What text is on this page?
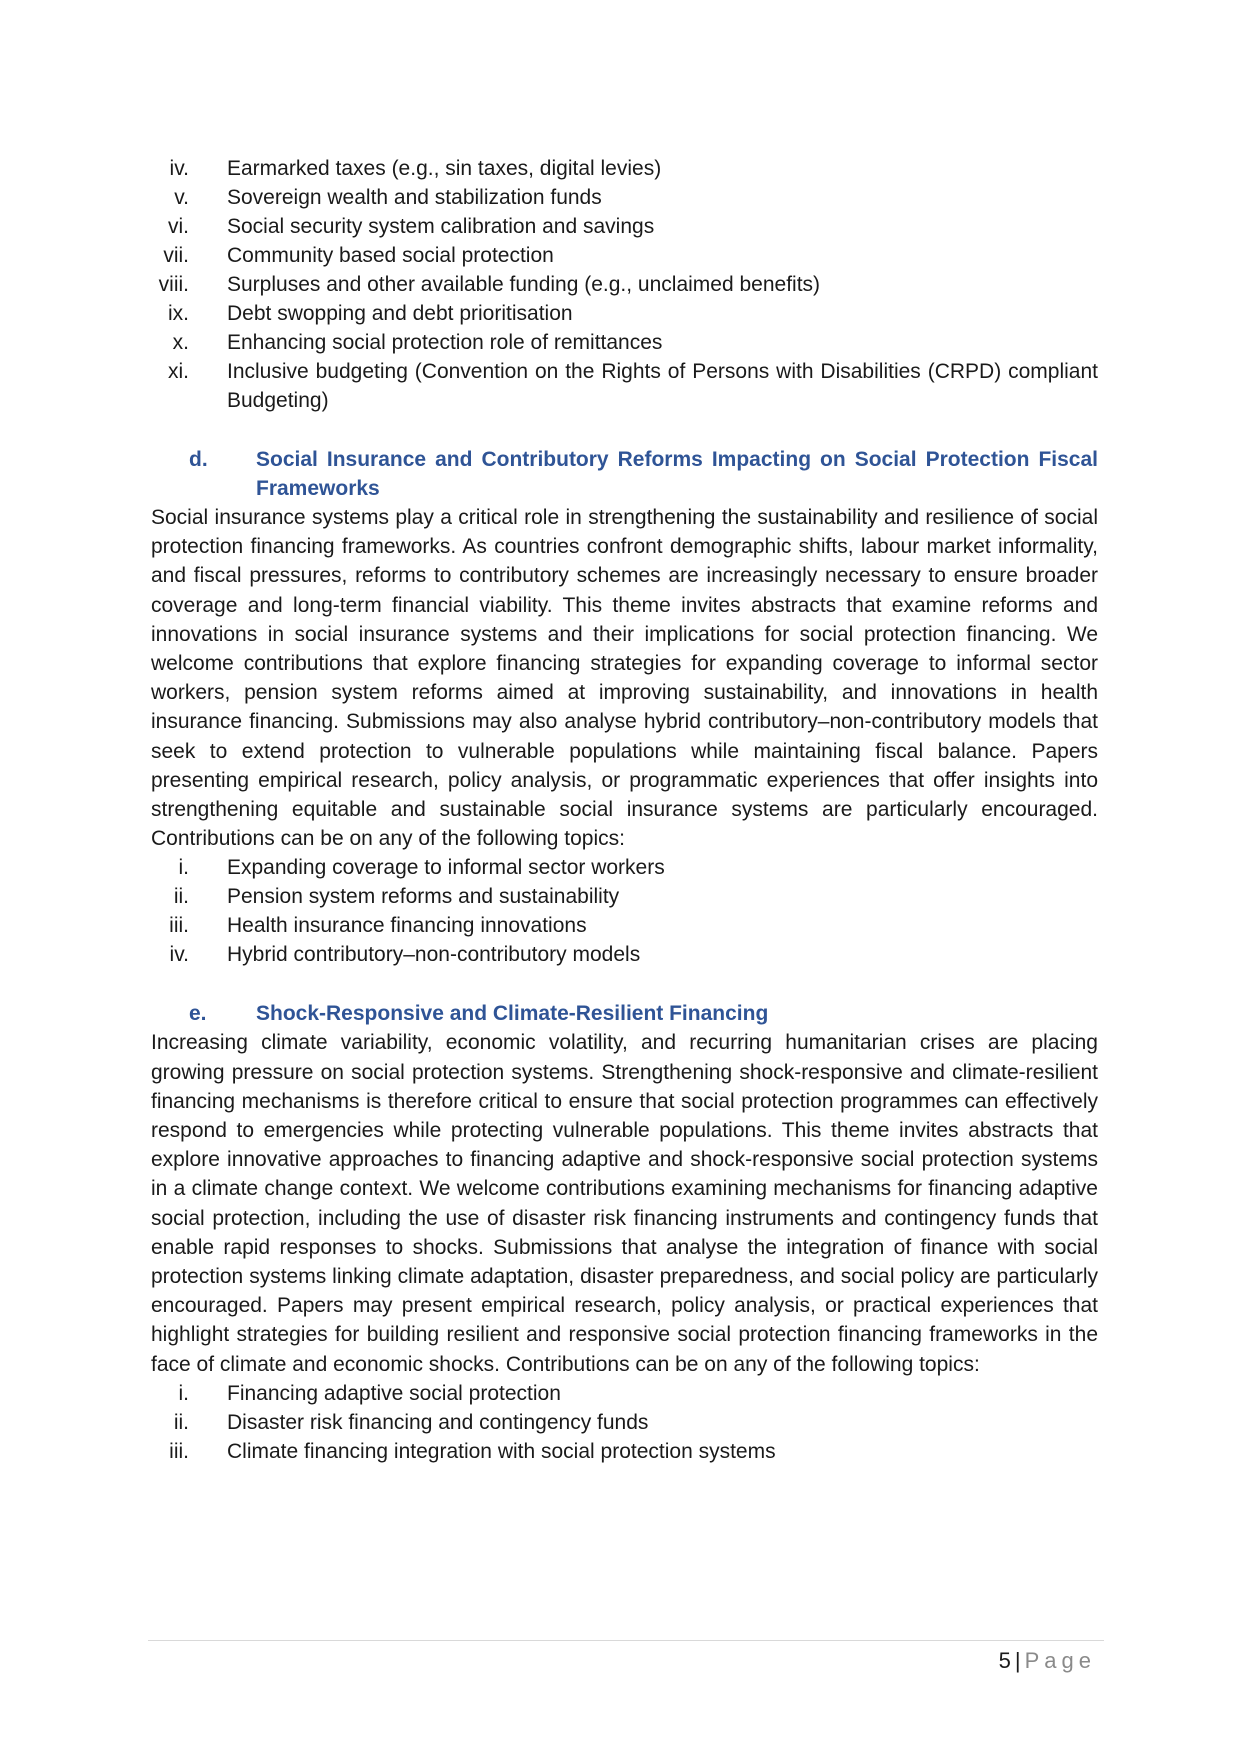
iv. Earmarked taxes (e.g., sin taxes, digital levies)
v. Sovereign wealth and stabilization funds
vi. Social security system calibration and savings
vii. Community based social protection
viii. Surpluses and other available funding (e.g., unclaimed benefits)
ix. Debt swopping and debt prioritisation
x. Enhancing social protection role of remittances
xi. Inclusive budgeting (Convention on the Rights of Persons with Disabilities (CRPD) compliant Budgeting)
d. Social Insurance and Contributory Reforms Impacting on Social Protection Fiscal Frameworks

Social insurance systems play a critical role in strengthening the sustainability and resilience of social protection financing frameworks. As countries confront demographic shifts, labour market informality, and fiscal pressures, reforms to contributory schemes are increasingly necessary to ensure broader coverage and long-term financial viability. This theme invites abstracts that examine reforms and innovations in social insurance systems and their implications for social protection financing. We welcome contributions that explore financing strategies for expanding coverage to informal sector workers, pension system reforms aimed at improving sustainability, and innovations in health insurance financing. Submissions may also analyse hybrid contributory–non-contributory models that seek to extend protection to vulnerable populations while maintaining fiscal balance. Papers presenting empirical research, policy analysis, or programmatic experiences that offer insights into strengthening equitable and sustainable social insurance systems are particularly encouraged. Contributions can be on any of the following topics:

i. Expanding coverage to informal sector workers
ii. Pension system reforms and sustainability
iii. Health insurance financing innovations
iv. Hybrid contributory–non-contributory models
e. Shock-Responsive and Climate-Resilient Financing

Increasing climate variability, economic volatility, and recurring humanitarian crises are placing growing pressure on social protection systems. Strengthening shock-responsive and climate-resilient financing mechanisms is therefore critical to ensure that social protection programmes can effectively respond to emergencies while protecting vulnerable populations. This theme invites abstracts that explore innovative approaches to financing adaptive and shock-responsive social protection systems in a climate change context. We welcome contributions examining mechanisms for financing adaptive social protection, including the use of disaster risk financing instruments and contingency funds that enable rapid responses to shocks. Submissions that analyse the integration of finance with social protection systems linking climate adaptation, disaster preparedness, and social policy are particularly encouraged. Papers may present empirical research, policy analysis, or practical experiences that highlight strategies for building resilient and responsive social protection financing frameworks in the face of climate and economic shocks. Contributions can be on any of the following topics:

i. Financing adaptive social protection
ii. Disaster risk financing and contingency funds
iii. Climate financing integration with social protection systems
5 | Page
